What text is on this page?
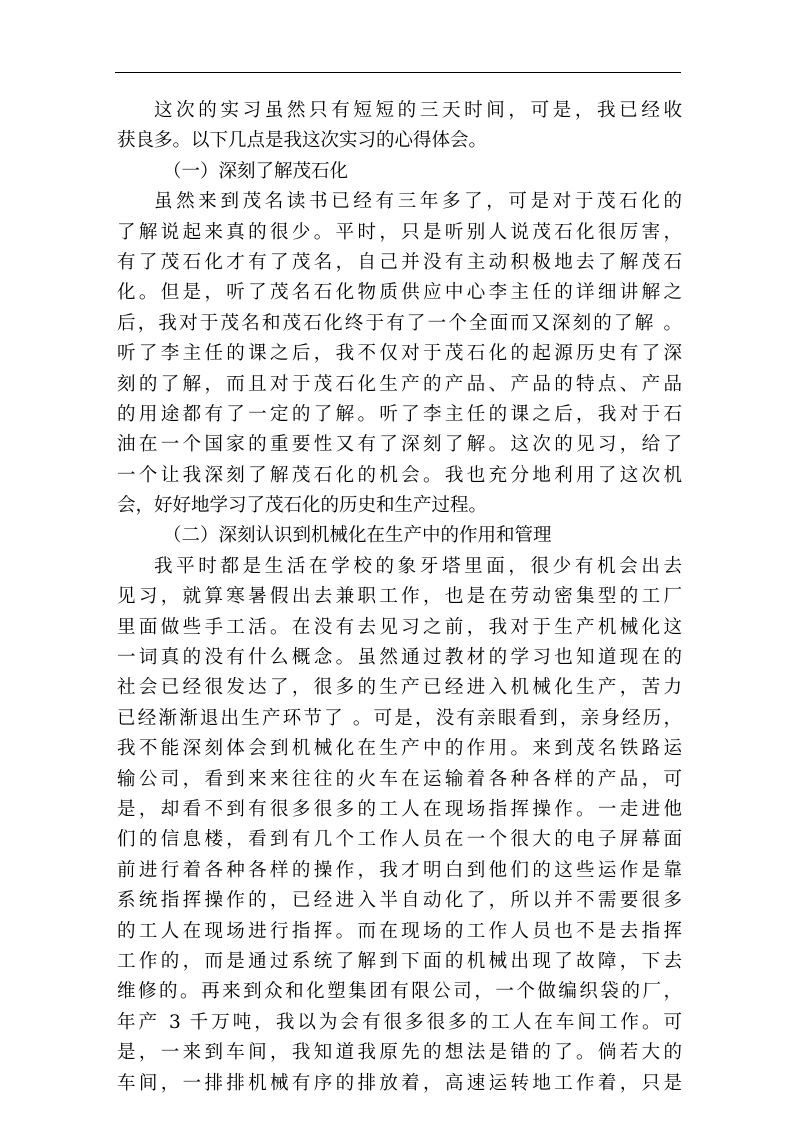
这次的实习虽然只有短短的三天时间，可是，我已经收
获良多。以下几点是我这次实习的心得体会。
（一）深刻了解茂石化
虽然来到茂名读书已经有三年多了，可是对于茂石化的
了解说起来真的很少。平时，只是听别人说茂石化很厉害，
有了茂石化才有了茂名，自己并没有主动积极地去了解茂石
化。但是，听了茂名石化物质供应中心李主任的详细讲解之
后，我对于茂名和茂石化终于有了一个全面而又深刻的了解 。
听了李主任的课之后，我不仅对于茂石化的起源历史有了深
刻的了解，而且对于茂石化生产的产品、产品的特点、产品
的用途都有了一定的了解。听了李主任的课之后，我对于石
油在一个国家的重要性又有了深刻了解。这次的见习，给了
一个让我深刻了解茂石化的机会。我也充分地利用了这次机
会，好好地学习了茂石化的历史和生产过程。
（二）深刻认识到机械化在生产中的作用和管理
我平时都是生活在学校的象牙塔里面，很少有机会出去
见习，就算寒暑假出去兼职工作，也是在劳动密集型的工厂
里面做些手工活。在没有去见习之前，我对于生产机械化这
一词真的没有什么概念。虽然通过教材的学习也知道现在的
社会已经很发达了，很多的生产已经进入机械化生产，苦力
已经渐渐退出生产环节了 。可是，没有亲眼看到，亲身经历，
我不能深刻体会到机械化在生产中的作用。来到茂名铁路运
输公司，看到来来往往的火车在运输着各种各样的产品，可
是，却看不到有很多很多的工人在现场指挥操作。一走进他
们的信息楼，看到有几个工作人员在一个很大的电子屏幕面
前进行着各种各样的操作，我才明白到他们的这些运作是靠
系统指挥操作的，已经进入半自动化了，所以并不需要很多
的工人在现场进行指挥。而在现场的工作人员也不是去指挥
工作的，而是通过系统了解到下面的机械出现了故障，下去
维修的。再来到众和化塑集团有限公司，一个做编织袋的厂，
年产 3 千万吨，我以为会有很多很多的工人在车间工作。可
是，一来到车间，我知道我原先的想法是错的了。倘若大的
车间，一排排机械有序的排放着，高速运转地工作着，只是
